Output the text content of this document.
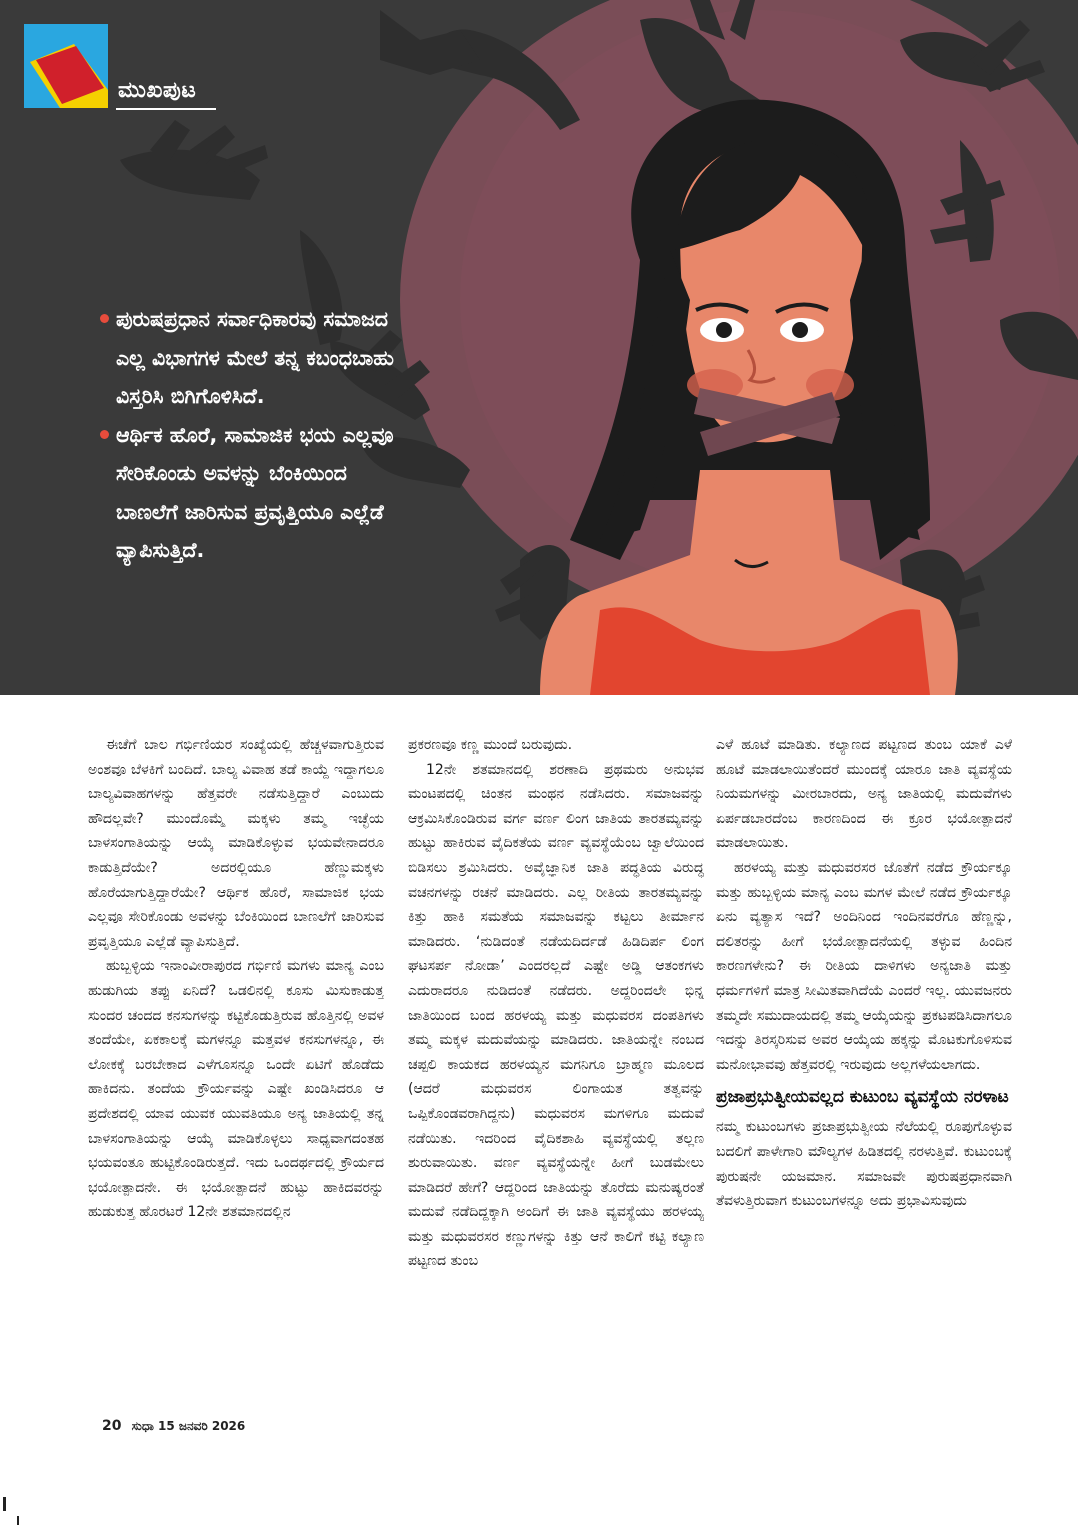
ಮುಖಪುಟ
ಪುರುಷಪ್ರಧಾನ ಸರ್ವಾಧಿಕಾರವು ಸಮಾಜದ ಎಲ್ಲ ವಿಭಾಗಗಳ ಮೇಲೆ ತನ್ನ ಕಬಂಧಬಾಹು ವಿಸ್ತರಿಸಿ ಬಿಗಿಗೊಳಿಸಿದೆ.
ಆರ್ಥಿಕ ಹೊರೆ, ಸಾಮಾಜಿಕ ಭಯ ಎಲ್ಲವೂ ಸೇರಿಕೊಂಡು ಅವಳನ್ನು ಬೆಂಕಿಯಿಂದ ಬಾಣಲೆಗೆ ಜಾರಿಸುವ ಪ್ರವೃತ್ತಿಯೂ ಎಲ್ಲೆಡೆ ವ್ಯಾಪಿಸುತ್ತಿದೆ.

ಈಚೆಗೆ ಬಾಲ ಗರ್ಭಿಣಿಯರ ಸಂಖ್ಯೆಯಲ್ಲಿ ಹೆಚ್ಚಳವಾಗುತ್ತಿರುವ ಅಂಶವೂ ಬೆಳಕಿಗೆ ಬಂದಿದೆ. ಬಾಲ್ಯ ವಿವಾಹ ತಡೆ ಕಾಯ್ದೆ ಇದ್ದಾಗಲೂ ಬಾಲ್ಯವಿವಾಹಗಳನ್ನು ಹೆತ್ತವರೇ ನಡೆಸುತ್ತಿದ್ದಾರೆ ಎಂಬುದು ಹೌದಲ್ಲವೇ? ಮುಂದೊಮ್ಮೆ ಮಕ್ಕಳು ತಮ್ಮ ಇಚ್ಛೆಯ ಬಾಳಸಂಗಾತಿಯನ್ನು ಆಯ್ಕೆ ಮಾಡಿಕೊಳ್ಳುವ ಭಯವೇನಾದರೂ ಕಾಡುತ್ತಿದೆಯೇ? ಅದರಲ್ಲಿಯೂ ಹೆಣ್ಣುಮಕ್ಕಳು ಹೊರೆಯಾಗುತ್ತಿದ್ದಾರೆಯೇ? ಆರ್ಥಿಕ ಹೊರೆ, ಸಾಮಾಜಿಕ ಭಯ ಎಲ್ಲವೂ ಸೇರಿಕೊಂಡು ಅವಳನ್ನು ಬೆಂಕಿಯಿಂದ ಬಾಣಲೆಗೆ ಜಾರಿಸುವ ಪ್ರವೃತ್ತಿಯೂ ಎಲ್ಲೆಡೆ ವ್ಯಾಪಿಸುತ್ತಿದೆ.

ಹುಬ್ಬಳ್ಳಿಯ ಇನಾಂವೀರಾಪುರದ ಗರ್ಭಿಣಿ ಮಗಳು ಮಾನ್ಯ ಎಂಬ ಹುಡುಗಿಯ ತಪ್ಪು ಏನಿದೆ? ಒಡಲಿನಲ್ಲಿ ಕೂಸು ಮಿಸುಕಾಡುತ್ತ ಸುಂದರ ಚಂದದ ಕನಸುಗಳನ್ನು ಕಟ್ಟಿಕೊಡುತ್ತಿರುವ ಹೊತ್ತಿನಲ್ಲಿ ಅವಳ ತಂದೆಯೇ, ಏಕಕಾಲಕ್ಕೆ ಮಗಳನ್ನೂ ಮತ್ತವಳ ಕನಸುಗಳನ್ನೂ, ಈ ಲೋಕಕ್ಕೆ ಬರಬೇಕಾದ ಎಳೆಗೂಸನ್ನೂ ಒಂದೇ ಏಟಿಗೆ ಹೊಡೆದು ಹಾಕಿದನು. ತಂದೆಯ ಕ್ರೌರ್ಯವನ್ನು ಎಷ್ಟೇ ಖಂಡಿಸಿದರೂ ಆ ಪ್ರದೇಶದಲ್ಲಿ ಯಾವ ಯುವಕ ಯುವತಿಯೂ ಅನ್ಯ ಜಾತಿಯಲ್ಲಿ ತನ್ನ ಬಾಳಸಂಗಾತಿಯನ್ನು ಆಯ್ಕೆ ಮಾಡಿಕೊಳ್ಳಲು ಸಾಧ್ಯವಾಗದಂತಹ ಭಯವಂತೂ ಹುಟ್ಟಿಕೊಂಡಿರುತ್ತದೆ. ಇದು ಒಂದರ್ಥದಲ್ಲಿ ಕ್ರೌರ್ಯದ ಭಯೋತ್ಪಾದನೇ. ಈ ಭಯೋತ್ಪಾದನೆ ಹುಟ್ಟು ಹಾಕಿದವರನ್ನು ಹುಡುಕುತ್ತ ಹೊರಟರೆ 12ನೇ ಶತಮಾನದಲ್ಲಿನ

ಪ್ರಕರಣವೂ ಕಣ್ಣ ಮುಂದೆ ಬರುವುದು.

12ನೇ ಶತಮಾನದಲ್ಲಿ ಶರಣಾದಿ ಪ್ರಥಮರು ಅನುಭವ ಮಂಟಪದಲ್ಲಿ ಚಿಂತನ ಮಂಥನ ನಡೆಸಿದರು. ಸಮಾಜವನ್ನು ಆಕ್ರಮಿಸಿಕೊಂಡಿರುವ ವರ್ಗ ವರ್ಣ ಲಿಂಗ ಜಾತಿಯ ತಾರತಮ್ಯವನ್ನು ಹುಟ್ಟು ಹಾಕಿರುವ ವೈದಿಕತೆಯ ವರ್ಣ ವ್ಯವಸ್ಥೆಯೆಂಬ ಜ್ವಾಲೆಯಿಂದ ಬಿಡಿಸಲು ಶ್ರಮಿಸಿದರು. ಅವೈಜ್ಞಾನಿಕ ಜಾತಿ ಪದ್ಧತಿಯ ವಿರುದ್ಧ ವಚನಗಳನ್ನು ರಚನೆ ಮಾಡಿದರು. ಎಲ್ಲ ರೀತಿಯ ತಾರತಮ್ಯವನ್ನು ಕಿತ್ತು ಹಾಕಿ ಸಮತೆಯ ಸಮಾಜವನ್ನು ಕಟ್ಟಲು ತೀರ್ಮಾನ ಮಾಡಿದರು. ‘ನುಡಿದಂತೆ ನಡೆಯದಿರ್ದಡೆ ಹಿಡಿದಿರ್ಪ ಲಿಂಗ ಘಟಸರ್ಪ ನೋಡಾ’ ಎಂದರಲ್ಲದೆ ಎಷ್ಟೇ ಅಡ್ಡಿ ಆತಂಕಗಳು ಎದುರಾದರೂ ನುಡಿದಂತೆ ನಡೆದರು. ಅದ್ದರಿಂದಲೇ ಭಿನ್ನ ಜಾತಿಯಿಂದ ಬಂದ ಹರಳಯ್ಯ ಮತ್ತು ಮಧುವರಸ ದಂಪತಿಗಳು ತಮ್ಮ ಮಕ್ಕಳ ಮದುವೆಯನ್ನು ಮಾಡಿದರು. ಜಾತಿಯನ್ನೇ ನಂಬದ ಚಪ್ಪಲಿ ಕಾಯಕದ ಹರಳಯ್ಯನ ಮಗನಿಗೂ ಬ್ರಾಹ್ಮಣ ಮೂಲದ (ಆದರೆ ಮಧುವರಸ ಲಿಂಗಾಯತ ತತ್ವವನ್ನು ಒಪ್ಪಿಕೊಂಡವರಾಗಿದ್ದನು) ಮಧುವರಸ ಮಗಳಿಗೂ ಮದುವೆ ನಡೆಯಿತು. ಇದರಿಂದ ವೈದಿಕಶಾಹಿ ವ್ಯವಸ್ಥೆಯಲ್ಲಿ ತಲ್ಲಣ ಶುರುವಾಯಿತು. ವರ್ಣ ವ್ಯವಸ್ಥೆಯನ್ನೇ ಹೀಗೆ ಬುಡಮೇಲು ಮಾಡಿದರೆ ಹೇಗೆ? ಆದ್ದರಿಂದ ಜಾತಿಯನ್ನು ತೊರೆದು ಮನುಷ್ಯರಂತೆ ಮದುವೆ ನಡೆದಿದ್ದಕ್ಕಾಗಿ ಅಂದಿಗೆ ಈ ಜಾತಿ ವ್ಯವಸ್ಥೆಯು ಹರಳಯ್ಯ ಮತ್ತು ಮಧುವರಸರ ಕಣ್ಣುಗಳನ್ನು ಕಿತ್ತು ಆನೆ ಕಾಲಿಗೆ ಕಟ್ಟಿ ಕಲ್ಯಾಣ ಪಟ್ಟಣದ ತುಂಬ

ಎಳೆ ಹೂಟೆ ಮಾಡಿತು. ಕಲ್ಯಾಣದ ಪಟ್ಟಣದ ತುಂಬ ಯಾಕೆ ಎಳೆ ಹೂಟೆ ಮಾಡಲಾಯಿತೆಂದರೆ ಮುಂದಕ್ಕೆ ಯಾರೂ ಜಾತಿ ವ್ಯವಸ್ಥೆಯ ನಿಯಮಗಳನ್ನು ಮೀರಬಾರದು, ಅನ್ಯ ಜಾತಿಯಲ್ಲಿ ಮದುವೆಗಳು ಏರ್ಪಡಬಾರದೆಂಬ ಕಾರಣದಿಂದ ಈ ಕ್ರೂರ ಭಯೋತ್ಪಾದನೆ ಮಾಡಲಾಯಿತು.

ಹರಳಯ್ಯ ಮತ್ತು ಮಧುವರಸರ ಜೊತೆಗೆ ನಡೆದ ಕ್ರೌರ್ಯಕ್ಕೂ ಮತ್ತು ಹುಬ್ಬಳ್ಳಿಯ ಮಾನ್ಯ ಎಂಬ ಮಗಳ ಮೇಲೆ ನಡೆದ ಕ್ರೌರ್ಯಕ್ಕೂ ಏನು ವ್ಯತ್ಯಾಸ ಇದೆ? ಅಂದಿನಿಂದ ಇಂದಿನವರೆಗೂ ಹೆಣ್ಣನ್ನು, ದಲಿತರನ್ನು ಹೀಗೆ ಭಯೋತ್ಪಾದನೆಯಲ್ಲಿ ತಳ್ಳುವ ಹಿಂದಿನ ಕಾರಣಗಳೇನು? ಈ ರೀತಿಯ ದಾಳಿಗಳು ಅನ್ಯಜಾತಿ ಮತ್ತು ಧರ್ಮಗಳಿಗೆ ಮಾತ್ರ ಸೀಮಿತವಾಗಿದೆಯೆ ಎಂದರೆ ಇಲ್ಲ. ಯುವಜನರು ತಮ್ಮದೇ ಸಮುದಾಯದಲ್ಲಿ ತಮ್ಮ ಆಯ್ಕೆಯನ್ನು ಪ್ರಕಟಪಡಿಸಿದಾಗಲೂ ಇದನ್ನು ತಿರಸ್ಕರಿಸುವ ಅವರ ಆಯ್ಕೆಯ ಹಕ್ಕನ್ನು ಮೊಟಕುಗೊಳಿಸುವ ಮನೋಭಾವವು ಹೆತ್ತವರಲ್ಲಿ ಇರುವುದು ಅಲ್ಲಗಳೆಯಲಾಗದು.

ಪ್ರಜಾಪ್ರಭುತ್ವೀಯವಲ್ಲದ ಕುಟುಂಬ ವ್ಯವಸ್ಥೆಯ ನರಳಾಟ

ನಮ್ಮ ಕುಟುಂಬಗಳು ಪ್ರಜಾಪ್ರಭುತ್ವೀಯ ನೆಲೆಯಲ್ಲಿ ರೂಪುಗೊಳ್ಳುವ ಬದಲಿಗೆ ಪಾಳೇಗಾರಿ ಮೌಲ್ಯಗಳ ಹಿಡಿತದಲ್ಲಿ ನರಳುತ್ತಿವೆ. ಕುಟುಂಬಕ್ಕೆ ಪುರುಷನೇ ಯಜಮಾನ. ಸಮಾಜವೇ ಪುರುಷಪ್ರಧಾನವಾಗಿ ತೆವಳುತ್ತಿರುವಾಗ ಕುಟುಂಬಗಳನ್ನೂ ಅದು ಪ್ರಭಾವಿಸುವುದು

20 ಸುಧಾ 15 ಜನವರಿ 2026
